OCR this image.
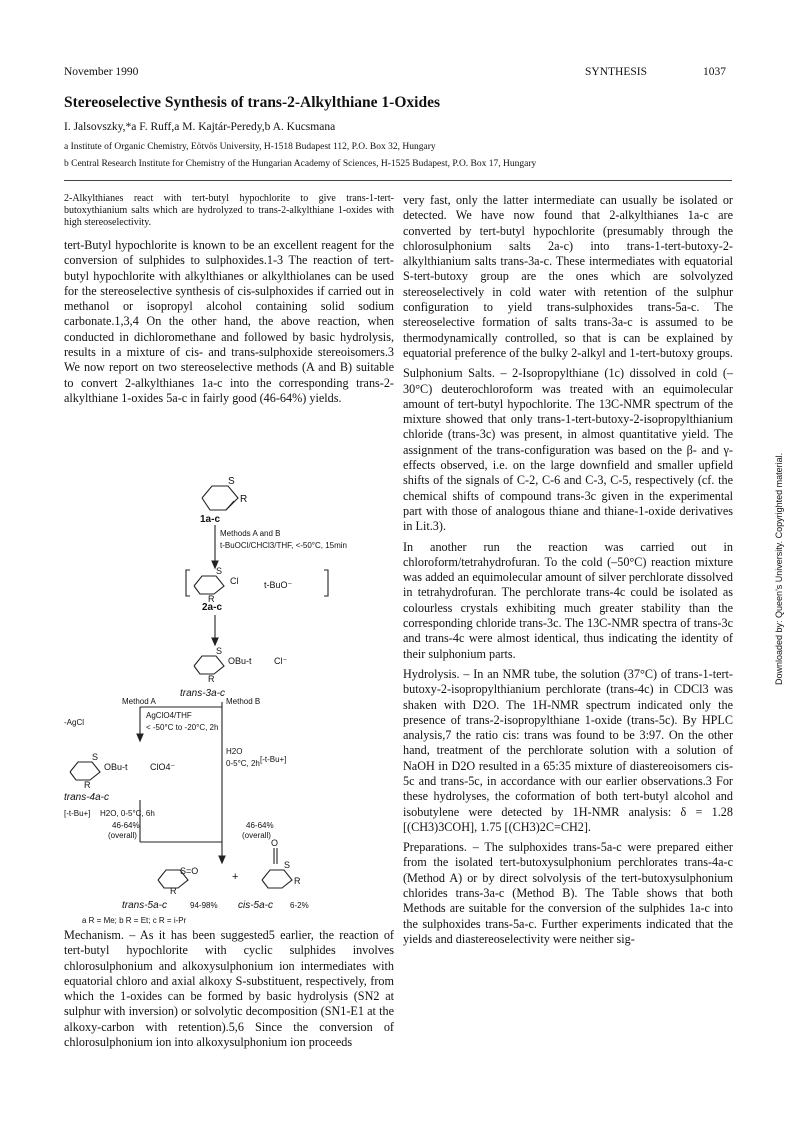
November 1990	SYNTHESIS	1037
Stereoselective Synthesis of trans-2-Alkylthiane 1-Oxides
I. Jalsovszky,*a F. Ruff,a M. Kajtár-Peredy,b A. Kucsmana
a Institute of Organic Chemistry, Eötvös University, H-1518 Budapest 112, P.O. Box 32, Hungary
b Central Research Institute for Chemistry of the Hungarian Academy of Sciences, H-1525 Budapest, P.O. Box 17, Hungary
2-Alkylthianes react with tert-butyl hypochlorite to give trans-1-tert-butoxythianium salts which are hydrolyzed to trans-2-alkylthiane 1-oxides with high stereoselectivity.

tert-Butyl hypochlorite is known to be an excellent reagent for the conversion of sulphides to sulphoxides.1-3 The reaction of tert-butyl hypochlorite with alkylthianes or alkylthiolanes can be used for the stereoselective synthesis of cis-sulphoxides if carried out in methanol or isopropyl alcohol containing solid sodium carbonate.1,3,4 On the other hand, the above reaction, when conducted in dichloromethane and followed by basic hydrolysis, results in a mixture of cis- and trans-sulphoxide stereoisomers.3 We now report on two stereoselective methods (A and B) suitable to convert 2-alkylthianes 1a-c into the corresponding trans-2-alkylthiane 1-oxides 5a-c in fairly good (46-64%) yields.

S
R
1a-c
Methods A and B
t-BuOCl/CHCl3/THF, <-50°C, 15min
S
Cl
R
t-BuO⁻
2a-c
S
OBu-t Cl⁻
R
trans-3a-c
Method A	Method B
-AgCl
AgClO4/THF
< -50°C to -20°C, 2h
S
OBu-t ClO4⁻
R
trans-4a-c
[-t-Bu+]
H2O
0-5°C, 2h
[-t-Bu+] H2O, 0-5°C, 6h
46-64%
(overall)
46-64%
(overall)
O
S=O
R
+
S
R
trans-5a-c	94-98% cis-5a-c 6-2%
a R = Me; b R = Et; c R = i-Pr

Mechanism. – As it has been suggested5 earlier, the reaction of tert-butyl hypochlorite with cyclic sulphides involves chlorosulphonium and alkoxysulphonium ion intermediates with equatorial chloro and axial alkoxy S-substituent, respectively, from which the 1-oxides can be formed by basic hydrolysis (SN2 at sulphur with inversion) or solvolytic decomposition (SN1-E1 at the alkoxy-carbon with retention).5,6 Since the conversion of chlorosulphonium ion into alkoxysulphonium ion proceeds

very fast, only the latter intermediate can usually be isolated or detected. We have now found that 2-alkylthianes 1a-c are converted by tert-butyl hypochlorite (presumably through the chlorosulphonium salts 2a-c) into trans-1-tert-butoxy-2-alkylthianium salts trans-3a-c. These intermediates with equatorial S-tert-butoxy group are the ones which are solvolyzed stereoselectively in cold water with retention of the sulphur configuration to yield trans-sulphoxides trans-5a-c. The stereoselective formation of salts trans-3a-c is assumed to be thermodynamically controlled, so that is can be explained by equatorial preference of the bulky 2-alkyl and 1-tert-butoxy groups.

Sulphonium Salts. – 2-Isopropylthiane (1c) dissolved in cold (–30°C) deuterochloroform was treated with an equimolecular amount of tert-butyl hypochlorite. The 13C-NMR spectrum of the mixture showed that only trans-1-tert-butoxy-2-isopropylthianium chloride (trans-3c) was present, in almost quantitative yield. The assignment of the trans-configuration was based on the β- and γ-effects observed, i.e. on the large downfield and smaller upfield shifts of the signals of C-2, C-6 and C-3, C-5, respectively (cf. the chemical shifts of compound trans-3c given in the experimental part with those of analogous thiane and thiane-1-oxide derivatives in Lit.3).

In another run the reaction was carried out in chloroform/tetrahydrofuran. To the cold (–50°C) reaction mixture was added an equimolecular amount of silver perchlorate dissolved in tetrahydrofuran. The perchlorate trans-4c could be isolated as colourless crystals exhibiting much greater stability than the corresponding chloride trans-3c. The 13C-NMR spectra of trans-3c and trans-4c were almost identical, thus indicating the identity of their sulphonium parts.

Hydrolysis. – In an NMR tube, the solution (37°C) of trans-1-tert-butoxy-2-isopropylthianium perchlorate (trans-4c) in CDCl3 was shaken with D2O. The 1H-NMR spectrum indicated only the presence of trans-2-isopropylthiane 1-oxide (trans-5c). By HPLC analysis,7 the ratio cis: trans was found to be 3:97. On the other hand, treatment of the perchlorate solution with a solution of NaOH in D2O resulted in a 65:35 mixture of diastereoisomers cis-5c and trans-5c, in accordance with our earlier observations.3 For these hydrolyses, the coformation of both tert-butyl alcohol and isobutylene were detected by 1H-NMR analysis: δ = 1.28 [(CH3)3COH], 1.75 [(CH3)2C=CH2].

Preparations. – The sulphoxides trans-5a-c were prepared either from the isolated tert-butoxysulphonium perchlorates trans-4a-c (Method A) or by direct solvolysis of the tert-butoxysulphonium chlorides trans-3a-c (Method B). The Table shows that both Methods are suitable for the conversion of the sulphides 1a-c into the sulphoxides trans-5a-c. Further experiments indicated that the yields and diastereoselectivity were neither sig-

Downloaded by: Queen's University. Copyrighted material.
